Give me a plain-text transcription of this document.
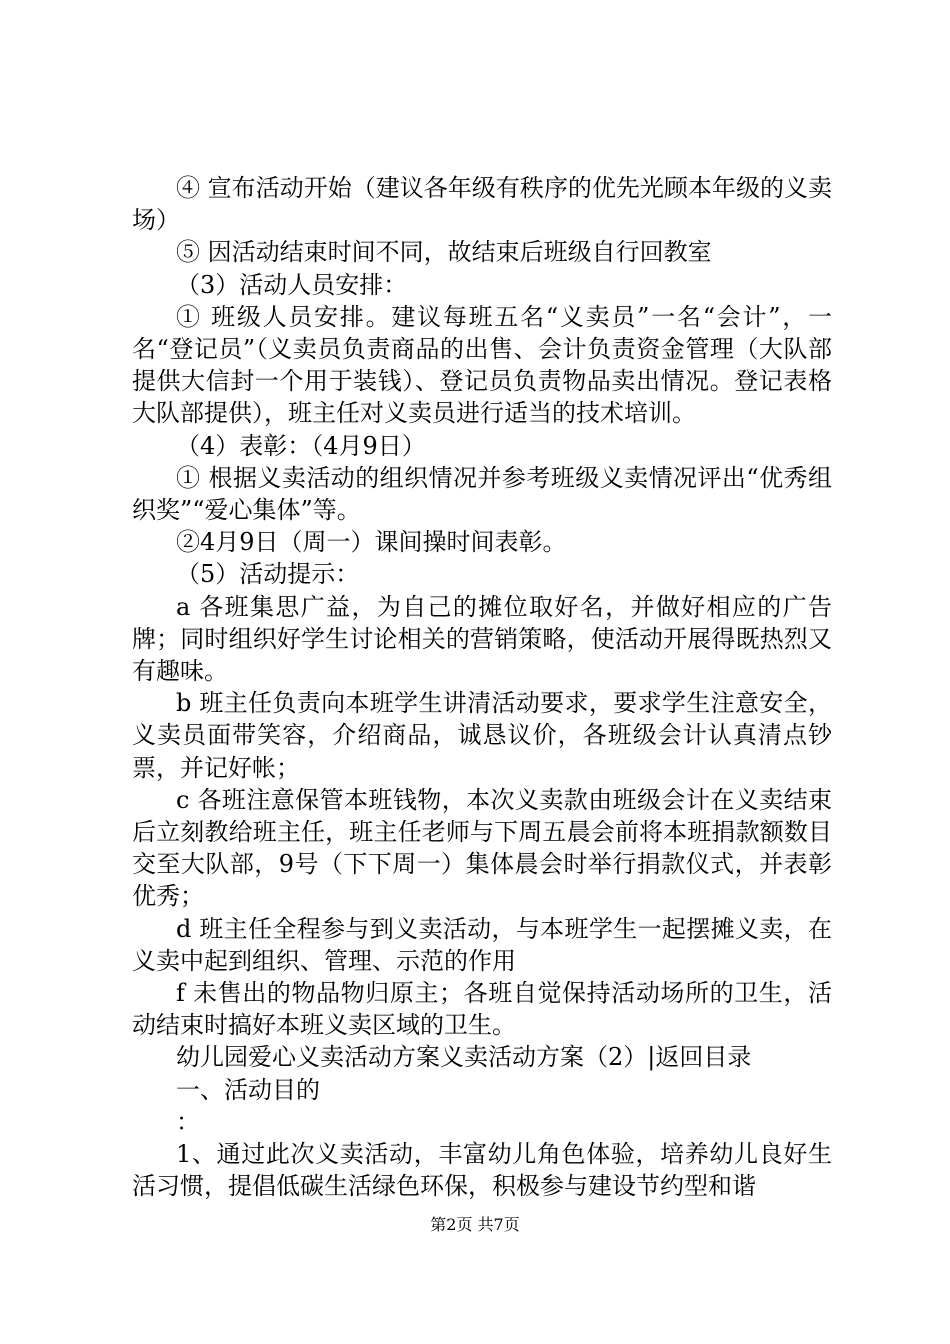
④ 宣布活动开始（建议各年级有秩序的优先光顾本年级的义卖场）

⑤ 因活动结束时间不同，故结束后班级自行回教室

（3）活动人员安排：

① 班级人员安排。建议每班五名“义卖员”一名“会计”，一名“登记员”（义卖员负责商品的出售、会计负责资金管理（大队部提供大信封一个用于装钱）、登记员负责物品卖出情况。登记表格大队部提供），班主任对义卖员进行适当的技术培训。

（4）表彰：（4月9日）

① 根据义卖活动的组织情况并参考班级义卖情况评出“优秀组织奖”“爱心集体”等。

②4月9日（周一）课间操时间表彰。

（5）活动提示：

a 各班集思广益，为自己的摊位取好名，并做好相应的广告牌；同时组织好学生讨论相关的营销策略，使活动开展得既热烈又有趣味。

b 班主任负责向本班学生讲清活动要求，要求学生注意安全，义卖员面带笑容，介绍商品，诚恳议价，各班级会计认真清点钞票，并记好帐；

c 各班注意保管本班钱物，本次义卖款由班级会计在义卖结束后立刻教给班主任，班主任老师与下周五晨会前将本班捐款额数目交至大队部，9号（下下周一）集体晨会时举行捐款仪式，并表彰优秀；

d 班主任全程参与到义卖活动，与本班学生一起摆摊义卖，在义卖中起到组织、管理、示范的作用

f 未售出的物品物归原主；各班自觉保持活动场所的卫生，活动结束时搞好本班义卖区域的卫生。

幼儿园爱心义卖活动方案义卖活动方案（2）|返回目录

一、活动目的

：

1、通过此次义卖活动，丰富幼儿角色体验，培养幼儿良好生活习惯，提倡低碳生活绿色环保，积极参与建设节约型和谐

第2页 共7页
